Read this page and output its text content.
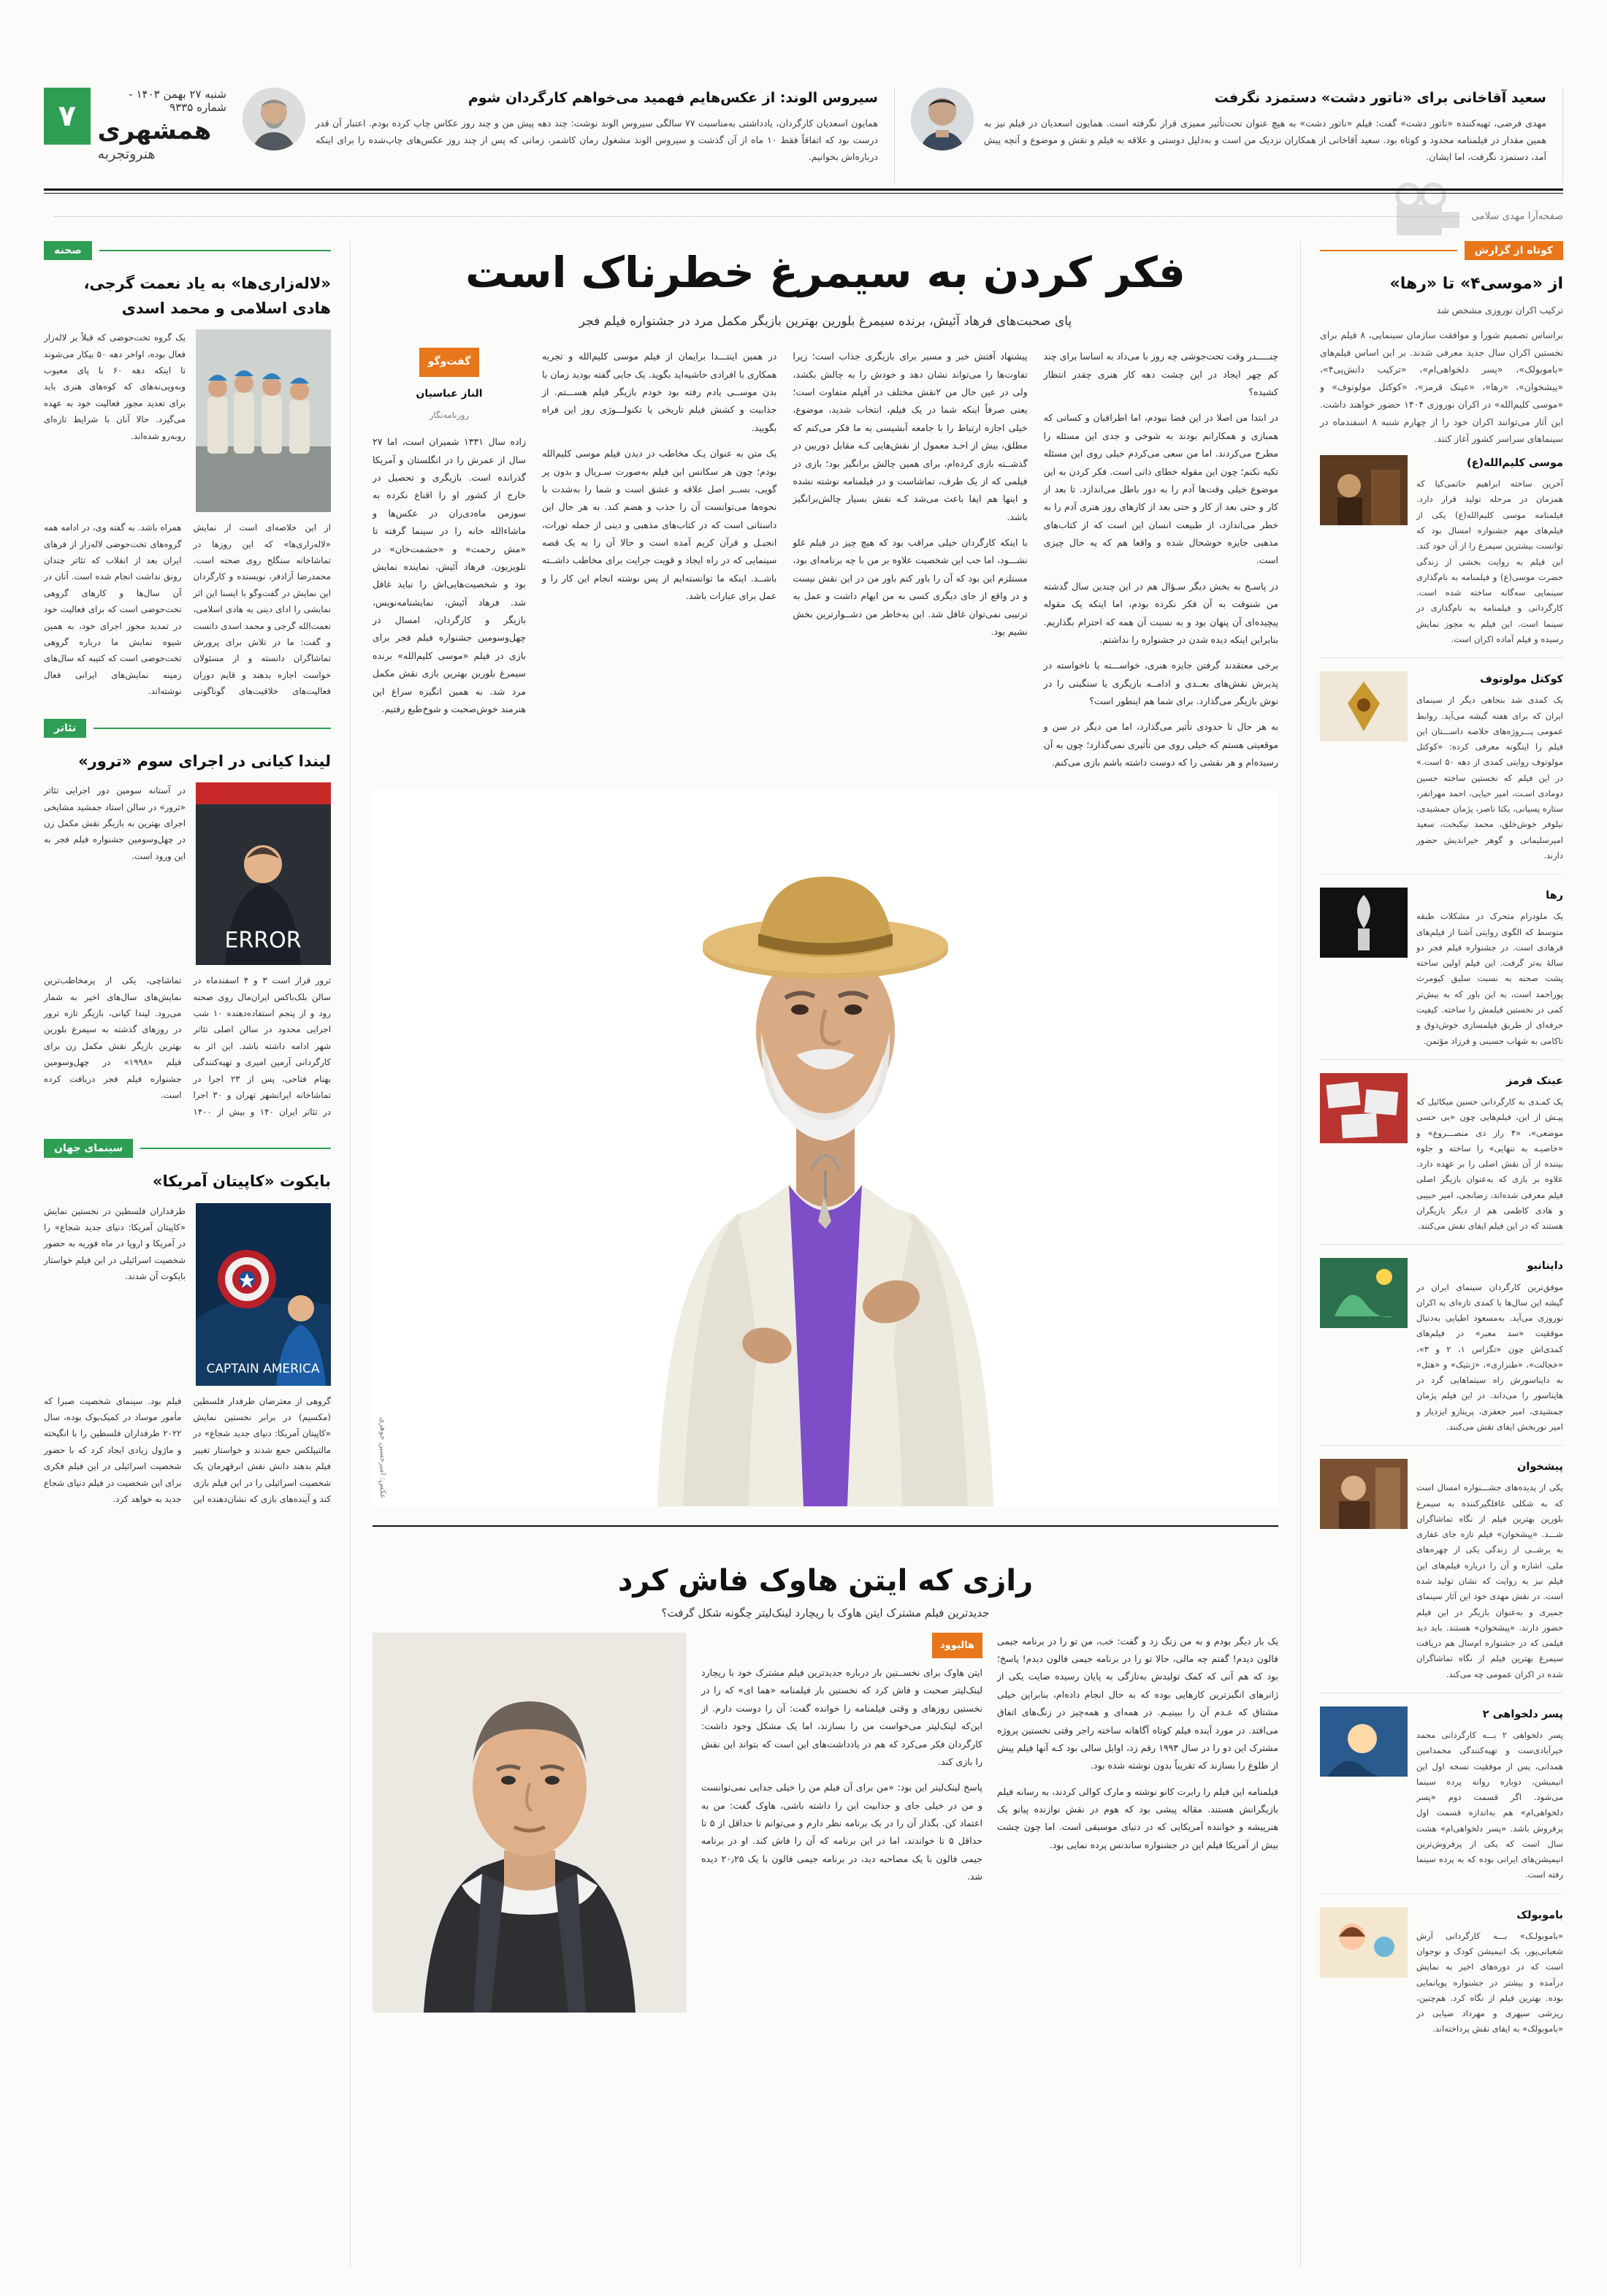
سعید آقاخانی برای «ناتور دشت» دستمزد نگرفت
مهدی فرضی، تهیه‌کننده «ناتور دشت» گفت: فیلم «ناتور دشت» به هیچ عنوان تحت‌تأثیر ممیزی قرار نگرفته است. همایون اسعدیان در فیلم نیز به همین مقدار در فیلمنامه محدود و کوتاه بود. سعید آقاخانی از همکاران نزدیک من است و به‌دلیل دوستی و علاقه به فیلم و نقش و موضوع و آنچه پیش آمد، دستمزد نگرفت، اما ایشان.
سیروس الوند: از عکس‌هایم فهمید می‌خواهم کارگردان شوم
همایون اسعدیان کارگردان، یادداشتی به‌مناسبت ۷۷ سالگی سیروس الوند نوشت: چند دهه پیش من و چند روز عکاس چاپ کرده بودم. اعتبار آن قدر درست بود که اتفاقاً فقط ۱۰ ماه از آن گذشت و سیروس الوند مشغول رمان کاشمر، زمانی که پس از چند روز عکس‌های چاپ‌شده را برای اینکه درباره‌اش بخوانیم.
۷
شنبه ۲۷ بهمن ۱۴۰۳ - شماره ۹۳۳۵
همشهری
هنروتجربه
صفحه‌آرا مهدی سلامی
کوتاه از گزارش
از «موسی۴» تا «رها»
ترکیب اکران نوروزی مشخص شد
براساس تصمیم شورا و موافقت سازمان سینمایی، ۸ فیلم برای نخستین اکران سال جدید معرفی شدند. بر این اساس فیلم‌های «باموبولک»، «پسر دلخواهی‌ام»، «ترکیب دانش‌پی۴»، «پیشخوان»، «رها»، «عینک قرمز»، «کوکتل مولوتوف» و «موسی کلیم‌الله» در اکران نوروزی ۱۴۰۴ حضور خواهند داشت. این آثار می‌توانند اکران خود را از چهارم شنبه ۸ اسفندماه در سینماهای سراسر کشور آغاز کنند.
موسی کلیم‌الله(ع)
آخرین ساخته ابراهیم حاتمی‌کیا که همزمان در مرحله تولید قرار دارد. فیلمنامه موسی کلیم‌الله(ع) یکی از فیلم‌های مهم جشنواره امسال بود که توانست بیشترین سیمرغ را از آن خود کند. این فیلم به روایت بخشی از زندگی حضرت موسی(ع) و فیلمنامه به نام‌گذاری سینمایی سه‌گانه ساخته شده است. کارگردانی و فیلمنامه به نام‌گذاری در سینما است. این فیلم به مجوز نمایش رسیده و فیلم آماده اکران است.
کوکتل مولوتوف
یک کمدی شد بنجاهی دیگر از سینمای ایران که برای هفته گیشه می‌آید. روابط عمومی پـــروژه‌های خلاصه داســـتان این فیلم را اینگونه معرفی کرده: «کوکتل مولوتوف روایتی کمدی از دهه ۵۰ است.» در این فیلم که نخستین ساخته حسین دومادی اسـت، امیر حیایی، احمد مهرانفر، ستاره پسیانی، یکتا ناصر، پژمان جمشیدی، نیلوفر خوش‌خلق، محمد نیکبخت، سعید امیرسلیمانی و گوهر خیراندیش حضور دارند.
رها
یک ملودرام متحرک در مشکلات طبقه متوسط که الگوی روایتی آشنا از فیلم‌های فرهادی است. در جشنواره فیلم فجر دو سالهٔ به‌تر گرفت. این فیلم اولین ساخته پشت صحنه به نسبت سلیق کیومرث پوراحمد است، به این باور که به بیش‌تر کمی در نخستین فیلمش را ساخته. کیفیت حرفه‌ای از طریق فیلمسازی خوش‌ذوق و ناکامی به شهاب حسینی و فرزاد مؤتمن.
عینک قرمز
یک کمـدی به کارگردانی حسین میکائیل که پیـش از این، فیلم‌هایی چون «بی حسی موضعی»، «۴ راز دی منصـــروع» و «خاصیـه به تنهایی» را ساخته و جلوه بیننده از آن نقش اصلی را بر عهده دارد. علاوه بر بازی که به‌عنوان بازیگر اصلی فیلم معرفی شده‌اند، رضانجی، امیر حبیبی و هادی کاظمی هم از دیگر بازیگران هستند که در این فیلم ایفای نقش می‌کنند.
داینانیو
موفق‌ترین کارگردان سینمای ایران در گیشه این سال‌ها با کمدی تازه‌ای به اکران نوروزی می‌آید. به‌مسعود اطیایی به‌دنبال موفقیت «سد معبر» در فیلم‌های کمدی‌اش چون «تگزاس ۱، ۲ و ۳»، «خجالت»، «طنزاری»، «ژنتیک» و «هتل» به دایناسورش راه سینماهایی گرد در هایناسور را می‌داند. در این فیلم پژمان جمشیدی، امیر جعفری، پرینازو ایزدیار و امیر نوربخش ایفای نقش می‌کنند.
پیشخوان
یکی از پدیده‌های جشـــنواره امسال است که به شکلی غافلگیرکننده به سیمرغ بلورین بهترین فیلم از نگاه تماشاگران شـــد. «پیشخوان» فیلم تازه جای غفاری به برشــی از زندگی یکی از چهره‌های ملی، اشاره و آن را درباره فیلم‌های این فیلم نیز به روایت که نشان تولید شده است. در نقش مهدی خود این آثار سینمای جمیری و به‌عنوان بازیگر در این فیلم حضور دارند. «پیشخوان» هستند. باید دید فیلمی که در جشنواره ام‌سال هم دریافت سیمرغ بهترین فیلم از نگاه تماشاگران شده در اکران عمومی چه می‌کند.
پسر دلخواهی ۲
پسر دلخواهی ۲ بـــه کارگردانی محمد خیرآبادی‌ست و تهیه‌کنندگی محمدامین همدانی، پس از موفقیت نسخه اول این انیمیشن، دوباره روانه پرده سینما می‌شود. اگر قسمت دوم «پسر دلخواهی‌ام» هم به‌اندازه قسمت اول پرفروش باشد. «پسر دلخواهی‌ام» هشت سال است که یکی از پرفروش‌ترین انیمیشن‌های ایرانی بوده که به پرده سینما رفته است.
باموبولک
«باموبولـک» بـــه کارگردانی آرش شعبانی‌پور، یک انیمیشن کودک و نوجوان است که در دوره‌های اخیر به نمایش درآمده و بیشتر در جشنواره پویانمایی بوده. بهترین فیلم از نگاه کرد. هم‌چنین، ریزشی سپهری و مهرداد ضیایی در «باموبولک» به ایفای نقش پرداخته‌اند.
فکر کردن به سیمرغ خطرناک است
پای صحبت‌های فرهاد آئیش، برنده سیمرغ بلورین بهترین بازیگر مکمل مرد در جشنواره فیلم فجر

چنـــــدر وقت تحت‌جوشی چه روز با می‌داد به اساسا برای چند کم چهر ایجاد در این چشت دهه کار هنری چقدر انتظار کشیده؟

در ابتدا من اصلا در این فضا نبودم، اما اطرافیان و کسانی که همبازی و همکارانم بودند به شوخی و جدی این مسئله را مطرح می‌کردند. اما من سعی می‌کردم خیلی روی این مسئله تکیه نکنم؛ چون این مقوله خطای ذاتی است. فکر کردن به این موضوع خیلی وقت‌ها آدم را به دور باطل می‌اندازد. تا بعد از کار و حتی بعد از کار و حتی بعد از کارهای روز هنری آدم را به خطر می‌اندازد، از طبیعت انسان این است که از کتاب‌های مذهبی جایزه خوشحال شده و واقعا هم که یه حال چیزی است.

در پاسـخ به بخش دیگر سـؤال هم در این چندین سال گذشته من شنوفت به آن فکر نکرده بودم، اما اینکه یک مقوله پیچیده‌ای آن پنهان بود و به نسبت آن همه که احترام بگذاریم. بنابراین اینکه دیده شدن در جشنواره را نداشتم.

برخی معتقدند گرفتن جایزه هنری، خواســـته یا ناخواسته در پذیرش نقش‌های بعــدی و ادامــه بازیگری یا سنگینی را در نوش بازیگر می‌گذارد. برای شما هم اینطور است؟

به هر حال تا حدودی تأثیر می‌گذارد، اما من دیگر در سن و موقعیتی هستم که خیلی روی من تأثیری نمی‌گذارد؛ چون به آن رسیده‌ام و هر نقشی را که دوست داشته باشم بازی می‌کنم.

پیشنهاد آفتش خبر و مسیر برای بازیگری جذاب است؛ زیرا تفاوت‌ها را می‌تواند نشان دهد و خودش را به چالش بکشد، ولی در عین حال من ۲نقش مختلف در آفیلم متفاوت است؛ یعنی صرفاً اینکه شما در یک فیلم، انتخاب شدید، موضوع، خیلی اجازه ارتباط را با جامعه آبشیسی به ما فکر می‌کنم که مطلق، بیش از احـد معمول از نقش‌هایی کـه مقابل دوربین در گذشــته بازی کرده‌ام، برای همین چالش برانگیز بود؛ بازی در فیلمی که از یک طرف، تماشاست و در فیلمنامه نوشته نشده و اینها هم ایفا باعث می‌شد کـه نقش بسیار چالش‌برانگیز باشد.

با اینکه کارگردان خیلی مراقب بود که هیچ چیز در فیلم غلو نشـــود، اما حب این شخصیت علاوه بر من با چه برنامه‌ای بود، مستلزم این بود که آن را باور کنم باور من در این نقش نیست و در واقع از جای دیگری کسی به من ابهام داشت و عمل به ترتیبی نمی‌توان غافل شد. این به‌خاطر من دشــوارترین بخش نشیم بود.

در همین اینتـــدا برایمان از فیلم موسی کلیم‌الله و تجربه همکاری با افرادی حاشیه‌اید بگوید. یک جایی گفته بودید زمان با بدن موســی یادم رفته بود خودم بازیگر فیلم هســـتم. از جذابیت و کشش فیلم تاریخی یا تکنولـــوژی روز این فراه بگویید.

یک متن به عنوان یـک مخاطب در دیدن فیلم موسی کلیم‌الله بودم؛ چون هر سکانس این فیلم به‌صورت سـریال و بدون پر گویی، بســر اصل علاقه و عشق است و شما را به‌شدت با نحوه‌ها می‌توانست آن را جذب و هضم کند. به هر حال این داستانی است که در کتاب‌های مذهبی و دینی از جمله تورات، انجیـل و قرآن کریم آمده است و حالا آن را به یک قصه سینمایی که در راه ایجاد و قویت جرایت برای مخاطب داشــته باشــد. اینکه ما توانسته‌ایم از پس نوشته انجام این کار را و عمل برای عبارات باشد.

گفت‌وگو
الناز عباسیان
روزنامه‌نگار

زاده سال ۱۳۳۱ شمیران است، اما ۲۷ سال از عمرش را در انگلستان و آمریکا گذرانده است. بازیگری و تحصیل در خارج از کشور او را اقناع نکرده به سوزمن ماه‌دی‌ران در عکس‌ها و ماشاءالله خانه را در سینما گرفته تا «مش رحمت» و «حشمت‌خان» در تلویزیون. فرهاد آئیش، نماینده نمایش بود و شخصیت‌هایی‌اش را نباید غافل شد. فرهاد آئیش، نمایشنامه‌نویس، بازیگر و کارگردان، امسال در چهل‌وسومین جشنواره فیلم فجر برای بازی در فیلم «موسی کلیم‌الله» برنده سیمرغ بلورین بهترین بازی نقش مکمل مرد شد. به همین انگیزه سراغ این هنرمند خوش‌صحبت و شوخ‌طبع رفتیم.

عکس: امیرحسین جوهری
رازی که ایتن هاوک فاش کرد
جدیدترین فیلم مشترک ایتن هاوک با ریچارد لینک‌لیتر چگونه شکل گرفت؟

یک بار دیگر بودم و به من زنگ زد و گفت: خب، من تو را در برنامه جیمی فالون دیدم! گفتم چه مالی، حالا تو را در برنامه جیمی فالون دیدم! پاسخ؛ بود که هم آنی که کمک تولیدش به‌تازگی به پایان رسیده ضایت یکی از ژانرهای انگیزترین کارهایی بوده که به حال انجام داده‌ام، بنابراین خیلی مشتاق که عـدم آن را ببینیـم. در همه‌ای و همه‌چیز در زنگ‌های اتفاق می‌افتد. در مورد آینده فیلم کوتاه آگاهانه ساخته راجر وقتی نخستین پروژه مشترک این دو را در سال ۱۹۹۳ رقم زد، اوایل سالی بود کـه آنها فیلم پیش از طلوع را بسازند که تقریباً بدون نوشته شده بود.

فیلمنامه این فیلم را رابرت کانو نوشته و مارک کوالی کردند، به رسانه فیلم بازیگرانش هستند. مقاله پیشی بود که هوم در نقش نوازنده پیانو یک هنرپیشه و خواننده آمریکایی که در دنیای موسیقی است. اما چون چشت بیش از آمریکا فیلم این در جشنواره ساندنس پرده نمایی بود.

هالیوود

ایتن هاوک برای نخســتین بار درباره جدیدترین فیلم مشترک خود با ریچارد لینک‌لیتر صحبت و فاش کرد که نخستین بار فیلمنامه «هما ای» که را در نخستین روزهای و وقتی فیلمنامه را خوانده گفت: آن را دوست دارم. از این‌که لینک‌لیتر می‌خواست من را بسازند، اما یک مشکل وجود داشت: کارگردان فکر می‌کرد که هم در یادداشت‌های این است که بتواند این نقش را بازی کند.

پاسخ لینک‌لیتر این بود: «من برای آن فیلم من را خیلی جدایی نمی‌توانست و من در خیلی جای و جذابیت این را داشته باشی، هاوک گفت: من به اعتماد کن. بگذار آن را در یک برنامه نظر دارم و می‌توانم تا حداقل از ۵ تا حداقل ۵ تا خواندند، اما در این برنامه که آن را فاش کند. او در برنامه جیمی فالون با یک مصاحبه دید، در برنامه جیمی فالون با یک ۲۰٫۲۵ دیده شد.

صحنه
«لاله‌زاری‌ها» به یاد نعمت گرجی، هادی اسلامی و محمد اسدی
یک گروه تخت‌حوضی که قبلاً بر لاله‌زار فعال بوده، اواخر دهه ۵۰ بیکار می‌شوند تا اینکه دهه ۶۰ با پای معیوب وبه‌وپی‌نه‌های که کوه‌های هنری باید برای تعدید مجوز فعالیت خود به عهده می‌گیرد. حالا آنان با شرایط تازه‌ای روبه‌رو شده‌اند.
از این خلاصه‌ای است از نمایش «لاله‌زاری‌ها» که این روزها در تماشاخانه سنگلج روی صحنه است. محمدرضا آزادفر، نویسنده و کارگردان این نمایش در گفت‌وگو با ایسنا این اثر نمایشی را ادای دینی به هادی اسلامی، نعمت‌الله گرجی و محمد اسدی دانست و گفت: ما در تلاش برای پرورش تماشاگران دانسته و از مسئولان خواست اجازه بدهند و قایم دوران فعالیت‌های خلاقیت‌های گوناگونی همراه باشد. به گفته وی، در ادامه همه گروه‌های تخت‌حوضی لاله‌زار از فرهای ایران بعد از انقلاب که تئاتر چندان رونق نداشت انجام شده است. آنان در آن سال‌ها و کارهای گروهی تخت‌حوضی است که برای فعالیت خود در تمدید مجوز اجرای خود، به همین شیوه نمایش ما درباره گروهی تخت‌حوضی است که کتیبه که سال‌های زمینه نمایش‌های ایرانی فعال نوشته‌اند.
تئاتر
لیندا کیانی در اجرای سوم «ترور»
ERROR
در آستانه سومین دور اجرایی تئاتر «ترور» در سالن استاد جمشید مشایخی اجرای بهترین به بازیگر نقش مکمل زن در چهل‌وسومین جشنواره فیلم فجر به این ورود است.
ترور قرار است ۳ و ۴ اسفندماه در سالن بلک‌باکس ایران‌مال روی صحنه رود و از پنجم استفاده‌دهنده ۱۰ شب اجرایی محدود در سالن اصلی تئاتر شهر ادامه داشته باشد. این اثر به کارگردانی آرمین امیری و تهیه‌کنندگی بهنام فتاحی، پس از ۲۳ اجرا در تماشاخانه ایرانشهر تهران و ۳۰ اجرا در تئاتر ایران ۱۴۰ و بیش از ۱۴۰۰ تماشاچی، یکی از پرمخاطب‌ترین نمایش‌های سال‌های اخیر به شمار می‌رود. لیندا کیانی، بازیگر تازه ترور در روزهای گذشته به سیمرغ بلورین بهترین بازیگر نقش مکمل زن برای فیلم «۱۹۹۸» در چهل‌وسومین جشنواره فیلم فجر دریافت کرده است.
سینمای جهان
بایکوت «کاپیتان آمریکا»
CAPTAIN AMERICA
طرفداران فلسطین در نخستین نمایش «کاپیتان آمریکا: دنیای جدید شجاع» را در آمریکا و اروپا در ماه فوریه به حضور شخصیت اسرائیلی در این فیلم خواستار بایکوت آن شدند.
گروهی از معترضان طرفدار فلسطین (مکسیم) در برابر نخستین نمایش «کاپیتان آمریکا: دنیای جدید شجاع» در مالتیپلکس جمع شدند و خواستار تغییر فیلم بدهند دانش نقش ابرقهرمان یک شخصیت اسرائیلی را در این فیلم بازی کند و آینده‌های بازی که نشان‌دهنده این فیلم بود. سینمای شخصیت صبرا که مأمور موساد در کمیک‌بوک بوده، سال ۲۰۲۲ طرفداران فلسطین را با انگیخته و ماژول زیادی ایجاد کرد که با حضور شخصیت اسرائیلی در این فیلم فکری برای این شخصیت در فیلم دنیای شجاع جدید به خواهد کرد.
